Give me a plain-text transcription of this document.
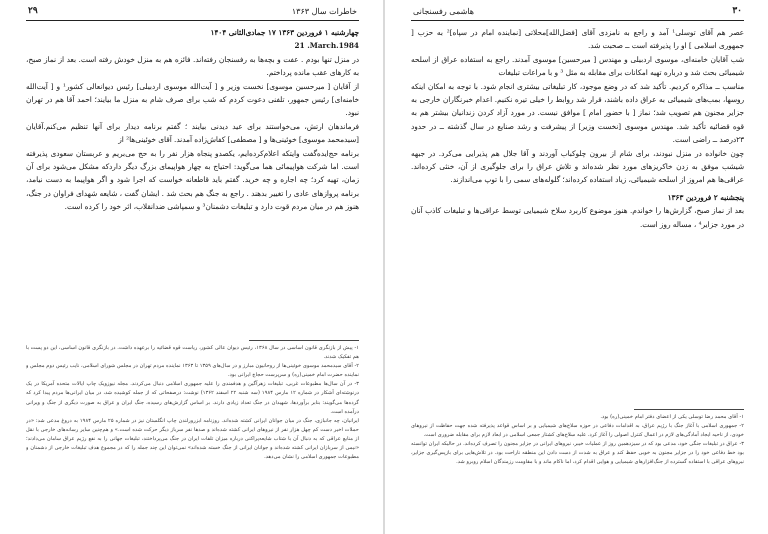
۲۹	خاطرات سال ۱۳۶۳

چهارشنبه ۱ فروردین ۱۳۶۳ ۱۷ جمادی‌الثانی ۱۴۰۴

21 .March.1984

در منزل تنها بودم . عفت و بچه‌ها به رفسنجان رفته‌اند. فائزه هم به منزل خودش رفته است. بعد از نماز صبح، به کارهای عقب مانده پرداختم.

از آقایان [ میرحسین موسوی] نخست وزیر و [ آیت‌الله موسوی اردبیلی] رئیس دیوانعالی کشور¹ و [ آیت‌الله خامنه‌ای] رئیس جمهور، تلفنی دعوت کردم که شب برای صرف شام به منزل ما بیایند؛ احمد آقا هم در تهران نبود.

فرماندهان ارتش، می‌خواستند برای عید دیدنی بیایند ؛ گفتم برنامه دیدار برای آنها تنظیم می‌کنم.آقایان [سیدمحمد موسوی] خوئینی‌ها و [ مصطفی] کفاش‌زاده آمدند. آقای خوئینی‌ها² از

برنامه‌ حج‌ایده‌گفت وایتکه اعلام‌کرده‌ایم، یکصدو پنجاه هزار نفر را به حج می‌بریم و عربستان سعودی پذیرفته است. اما شرکت هواپیمائی هما می‌گوید: احتیاج به چهار هواپیمای بزرگ دیگر داردکه مشکل می‌شود برای آن زمان، تهیه کرد؛ چه اجاره و چه خرید. گفتم باید قاطعانه خواست که اجرا شود و اگر هواپیما به دست نیامد، برنامه پروازهای عادی را تغییر بدهند . راجع به جنگ هم بحث شد . ایشان گفت ، شایعه شهدای فراوان در جنگ، هنوز هم در میان مردم قوت دارد و تبلیغات دشمنان³ و سمپاشی ضدانقلاب، اثر خود را کرده است.

۱- پیش از بازنگری قانون اساسی در سال ۱۳۶۸، رئیس دیوان عالی کشور، ریاست قوه قضائیه را برعهده داشت. در بازنگری قانون اساسی، این دو پست با هم تفکیک شدند.

۲- آقای سیدمحمد موسوی خوئینی‌ها از روحانیون مبارز و در سال‌های ۱۳۵۹ تا ۱۳۶۳ نماینده مردم تهران در مجلس شورای اسلامی، نایب رئیس دوم مجلس و نماینده حضرت امام خمینی(ره) و سرپرست حجاج ایرانی بود.

۳- در آن سال‌ها مطبوعات غربی، تبلیغات زهرآگین و هدفمندی را علیه جمهوری اسلامی دنبال می‌کردند. مجله نیوزویک چاپ ایالات متحده آمریکا در یک درنوشته‌ای آشکار در شماره ۱۲ مارس ۱۹۸۴ (سه شنبه ۲۲ اسفند ۱۳۶۲) نوشت: درصفحاتی که از جمله کوشیده شد، در میان ایرانی‌ها مردم پیدا کرد که گرده‌ها می‌گویند: بنابر برآوردها، شهیدان در جنگ تعداد زیادی دارند. بر اساس گزارش‌های رسیده، جنگ ایران و عراق به صورت دیگری از جنگ و ویرانی درآمده است.

ایرانیان، چه جانبازی، جنگ در میان جوانان ایرانی کشته شده‌اند. روزنامه ابزرورلندن چاپ انگلستان نیز در شماره ۲۵ مارس ۱۹۸۴ به دروغ مدعی شد: «در حملات اخیر دست کم چهل هزار نفر از نیروهای ایرانی کشته شده‌اند و صدها نفر سرباز دیگر حرکت شده است.» و هم‌چنین سایر رسانه‌های خارجی با نقل از منابع عراقی که به دنبال آن با شتاب شایعه‌پراکنی درباره میزان تلفات ایران در جنگ می‌پرداختند، تبلیغات جهانی را به نفع رژیم عراق سامان می‌دادند؛ «نیمی از سربازان ایرانی کشته شده‌اند و جوانان ایرانی از جنگ خسته شده‌اند» نمی‌توان این چند جمله را که در مجموع هدف تبلیغات خارجی از دشمنان و مطبوعات جمهوری اسلامی را نشان می‌دهد.

هاشمی رفسنجانی	۳۰

عصر هم آقای توسلی¹ آمد و راجع به نامزدی آقای [فضل‌الله]محلاتی [نماینده امام در سپاه]² به حزب [ جمهوری اسلامی ] او را پذیرفته است ــ صحبت شد.

شب آقایان خامنه‌ای، موسوی اردبیلی و مهندس [ میرحسین] موسوی آمدند. راجع به استفاده عراق از اسلحه شیمیائی بحث شد و درباره تهیه امکانات برای مقابله به مثل ³ و با مراعات تبلیغات

مناسب ــ مذاکره کردیم. تأکید شد که در وضع موجود، کار تبلیغاتی بیشتری انجام شود. با توجه به امکان اینکه روسها، بمب‌های شیمیائی به عراق داده باشند، قرار شد روابط را خیلی تیره نکنیم. اعدام خبرنگاران خارجی به جزایر مجنون هم تصویب شد؛ نماز [ با حضور امام ] موافق نیست. در مورد آزاد کردن زندانیان بیشتر هم به قوه قضائیه تأکید شد. مهندس موسوی [نخست وزیر] از پیشرفت و رشد صنایع در سال گذشته ــ در حدود ۲۳درصد ــ راضی است.

چون خانواده در منزل نبودند، برای شام از بیرون چلوکباب آوردند و آقا جلال هم پذیرایی می‌کرد. در جبهه شیشب موفق به زدن خاکریزهای مورد نظر شده‌اند و تلاش عراق را برای جلوگیری از آن، خنثی کرده‌اند. عراقی‌ها هم امروز از اسلحه شیمیائی، زیاد استفاده کرده‌اند؛ گلوله‌های سمی را با توپ می‌اندازند.

پنجشنبه ۲ فروردین ۱۳۶۳

بعد از نماز صبح، گزارش‌ها را خواندم. هنوز موضوع کاربرد سلاح شیمیایی توسط عراقی‌ها و تبلیغات کاذب آنان در مورد جزایر⁴ ، مساله روز است.

۱- آقای محمد رضا توسلی یکی از اعضای دفتر امام خمینی(ره) بود.

۲- جمهوری اسلامی با آغاز جنگ با رژیم عراق، به اقدامات دفاعی در حوزه سلاح‌های شیمیایی و بر اساس قواعد پذیرفته شده جهت حفاظت از نیروهای خودی، از ناحیه ایجاد آمادگی‌های لازم در اعمال کنترل اصولی را آغاز کرد. علیه سلاح‌های کشتار جمعی اسلامی در ابعاد لازم برای مقابله ضروری است.

۳- عراق در تبلیغات جنگی خود، مدعی بود که در سیزدهمین روز از عملیات خیبر، نیروهای ایرانی در جزایر مجنون را تصرف کرده‌اند. در حالیکه ایران توانسته بود خط دفاعی خود را در جزایر مجنون به خوبی حفظ کند و عراق به شدت از دست دادن این منطقه ناراحت بود. در تلاش‌هایی برای بازپس‌گیری جزایر، نیروهای عراقی با استفاده گسترده از جنگ‌افزارهای شیمیایی و هوایی اقدام کرد، اما ناکام ماند و با مقاومت رزمندگان اسلام روبرو شد.
